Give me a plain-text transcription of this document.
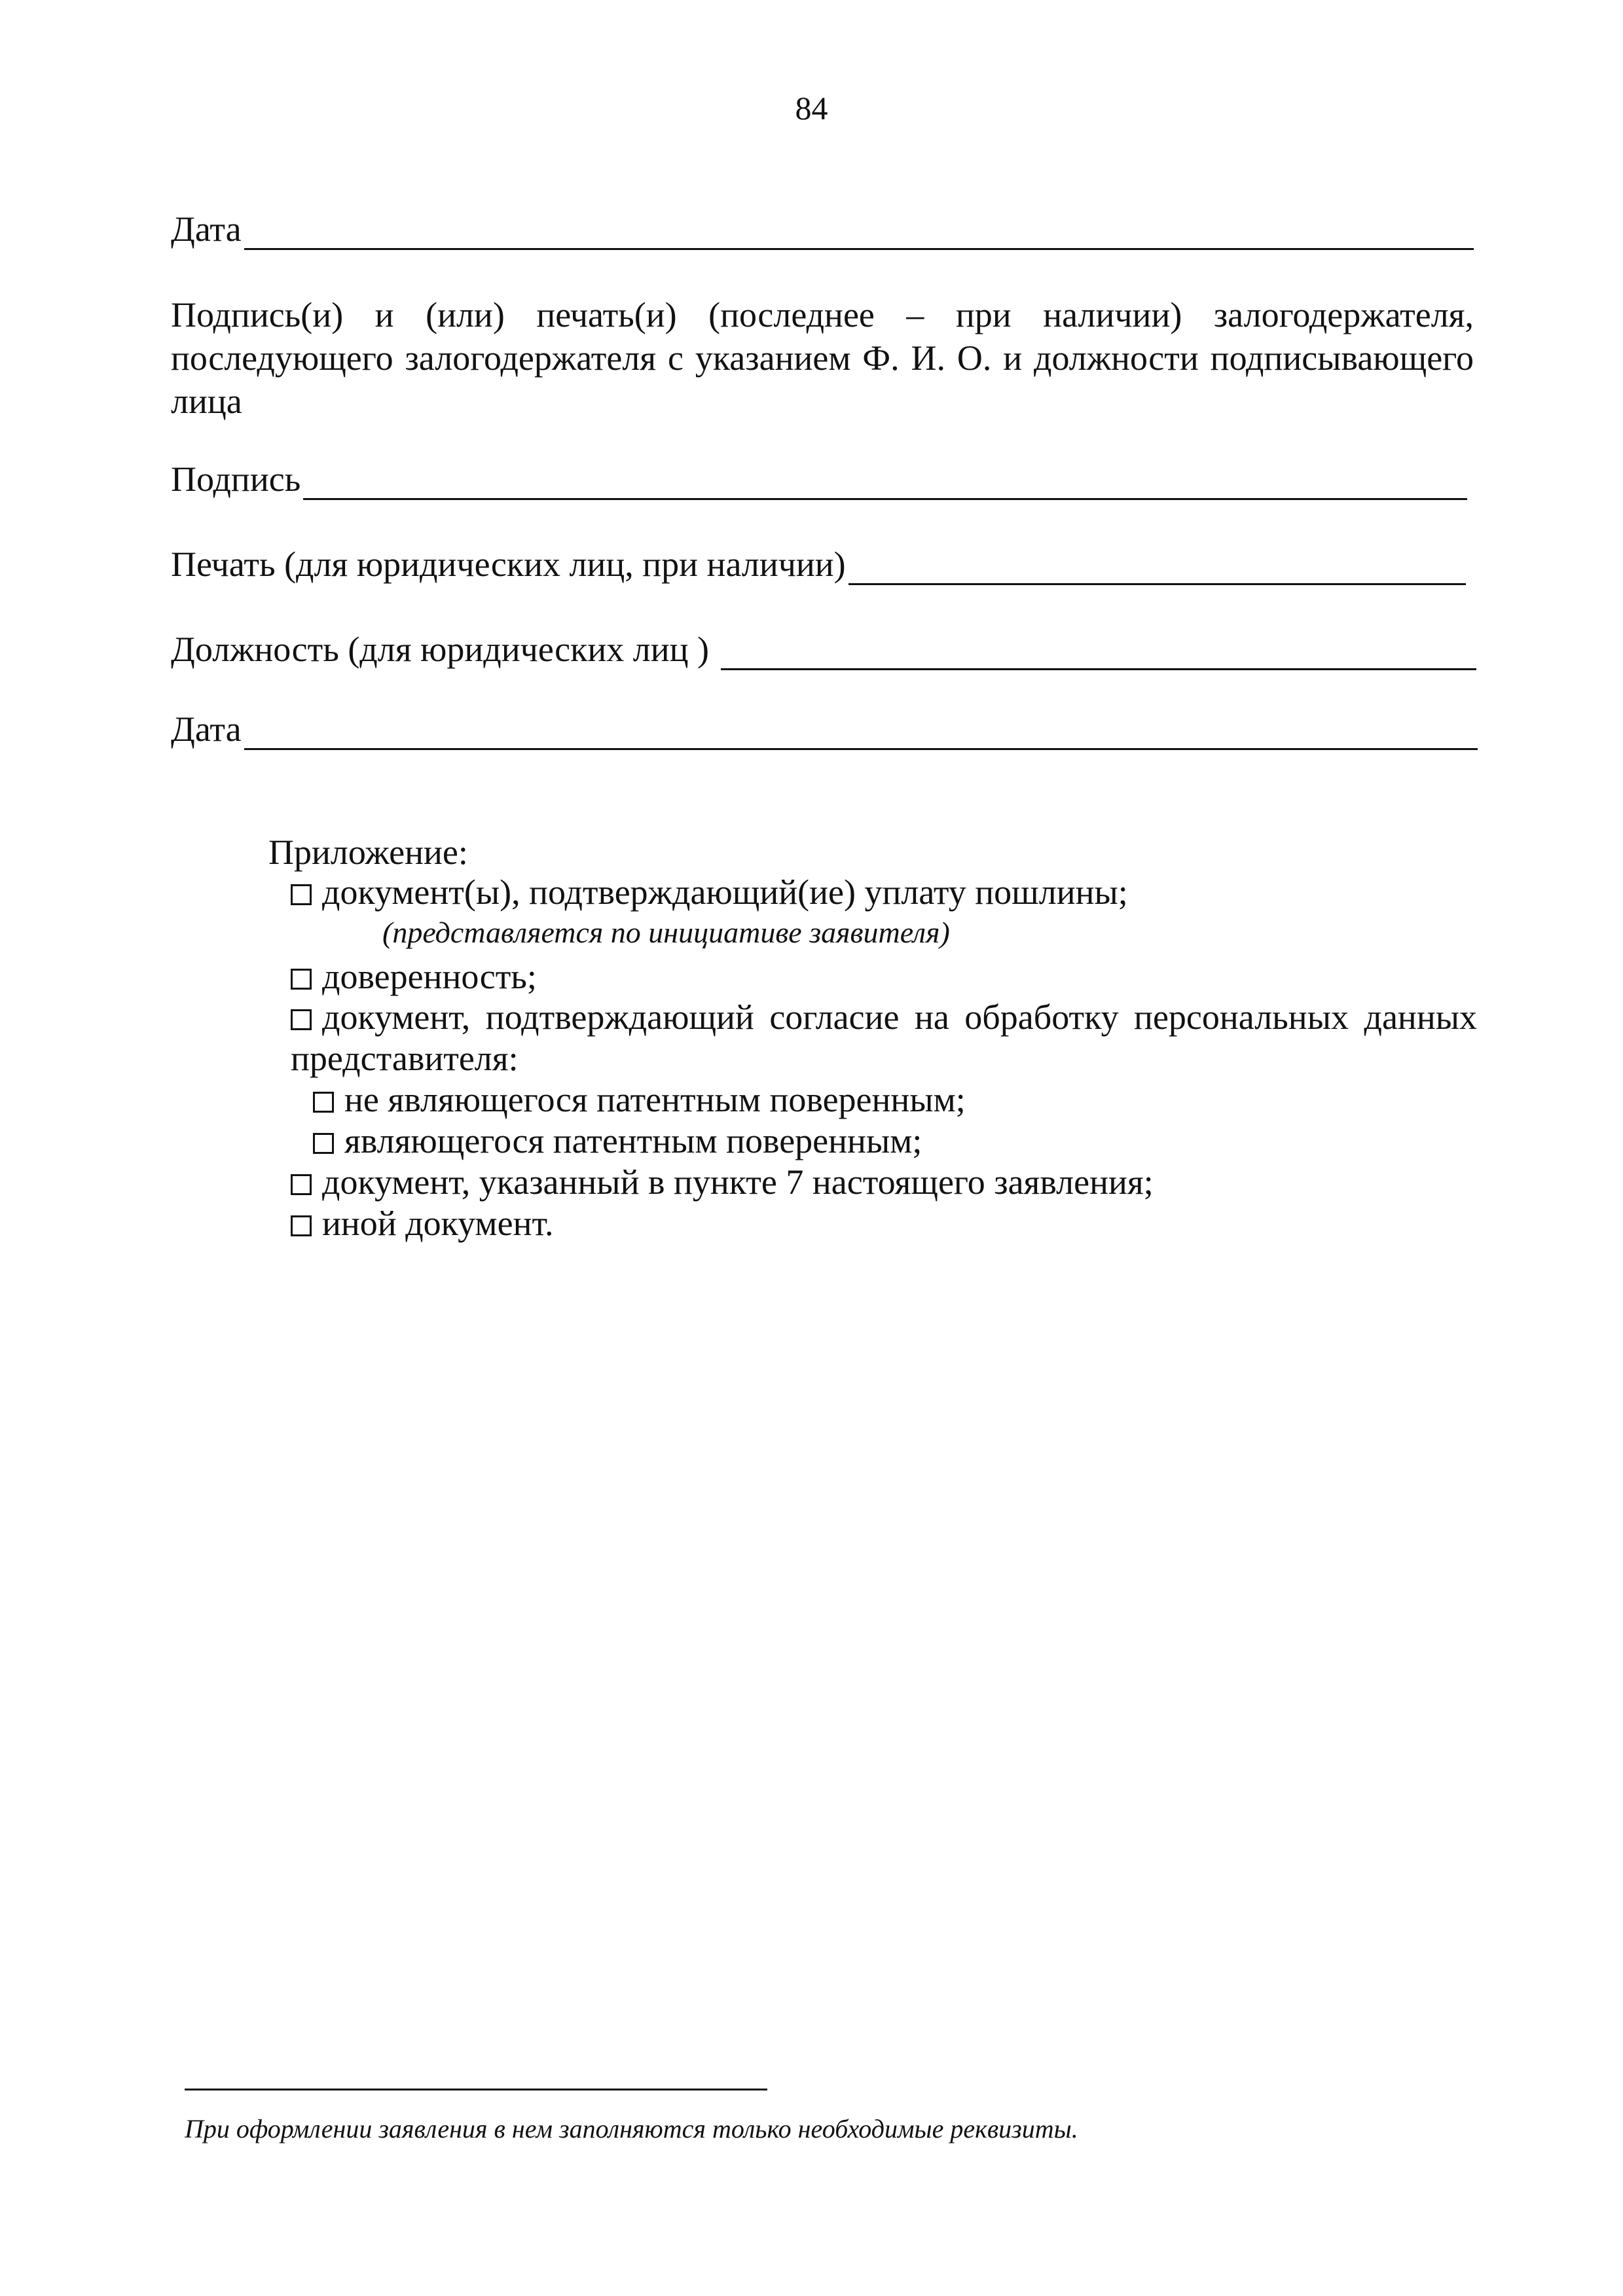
84
Дата
Подпись(и) и (или) печать(и) (последнее – при наличии) залогодержателя,
последующего залогодержателя с указанием Ф. И. О. и должности подписывающего
лица
Подпись
Печать (для юридических лиц, при наличии)
Должность (для юридических лиц )
Дата
Приложение:
документ(ы), подтверждающий(ие) уплату пошлины;
(представляется по инициативе заявителя)
доверенность;
документ, подтверждающий согласие на обработку персональных данных
представителя:
не являющегося патентным поверенным;
являющегося патентным поверенным;
документ, указанный в пункте 7 настоящего заявления;
иной документ.
При оформлении заявления в нем заполняются только необходимые реквизиты.
